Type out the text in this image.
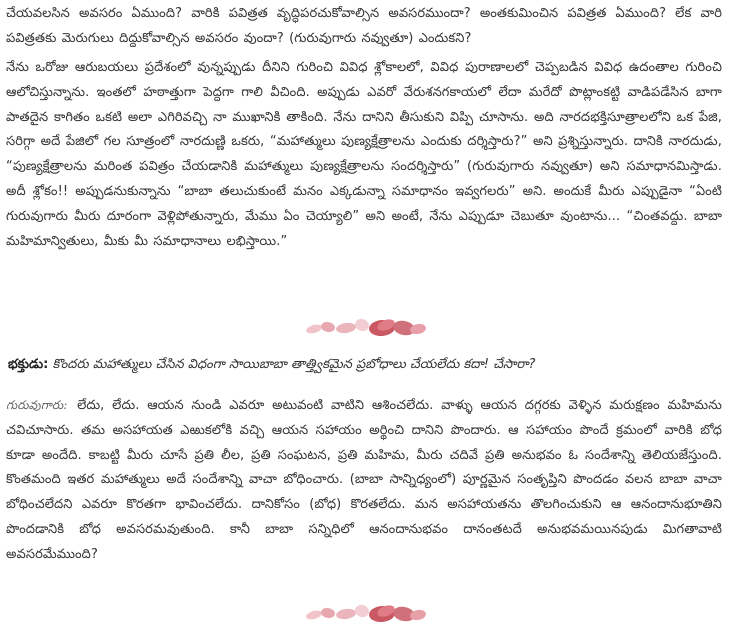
చేయవలసిన అవసరం ఏముంది? వారికి పవిత్రత వృద్ధిపరచుకోవాల్సిన అవసరముందా? అంతకుమించిన పవిత్రత ఏముంది? లేక వారి పవిత్రతకు మెరుగులు దిద్దుకోవాల్సిన అవసరం వుందా? (గురువుగారు నవ్వుతూ) ఎందుకని?

నేను ఒరోజు ఆరుబయలు ప్రదేశంలో వున్నప్పుడు దీనిని గురించి వివిధ శ్లోకాలలో, వివిధ పురాణాలలో చెప్పబడిన వివిధ ఉదంతాల గురించి ఆలోచిస్తున్నాను. ఇంతలో హఠాత్తుగా పెద్దగా గాలి వీచింది. అప్పుడు ఎవరో వేరుశనగకాయలో లేదా మరేదో పొట్లాంకట్టి వాడిపడేసిన బాగా పాతదైన కాగితం ఒకటి అలా ఎగిరివచ్చి నా ముఖానికి తాకింది. నేను దానిని తీసుకుని విప్పి చూసాను. అది నారదభక్తిసూత్రాలలోని ఒక పేజి, సరిగ్గా అదే పేజిలో గల సూత్రంలో నారదుణ్ణి ఒకరు, “మహాత్ములు పుణ్యక్షేత్రాలను ఎందుకు దర్శిస్తారు?” అని ప్రశ్నిస్తున్నారు. దానికి నారదుడు, “పుణ్యక్షేత్రాలను మరింత పవిత్రం చేయడానికి మహాత్ములు పుణ్యక్షేత్రాలను సందర్శిస్తారు” (గురువుగారు నవ్వుతూ) అని సమాధానమిస్తాడు. అదీ శ్లోకం!! అప్పుడనుకున్నాను “బాబా తలుచుకుంటే మనం ఎక్కడున్నా సమాధానం ఇవ్వగలరు” అని. అందుకే మీరు ఎప్పుడైనా “ఏంటి గురువుగారు మీరు దూరంగా వెళ్లిపోతున్నారు, మేము ఏం చెయ్యాలి” అని అంటే, నేను ఎప్పుడూ చెబుతూ వుంటాను... “చింతవద్దు. బాబా మహిమాన్వితులు, మీకు మీ సమాధానాలు లభిస్తాయి.”

భక్తుడు: కొందరు మహాత్ములు చేసిన విధంగా సాయిబాబా తాత్త్వికమైన ప్రబోధాలు చేయలేదు కదా! చేసారా?

గురువుగారు: లేదు, లేదు. ఆయన నుండి ఎవరూ అటువంటి వాటిని ఆశించలేదు. వాళ్ళు ఆయన దగ్గరకు వెళ్ళిన మరుక్షణం మహిమను చవిచూసారు. తమ అసహాయత ఎఱుకలోకి వచ్చి ఆయన సహాయం అర్థించి దానిని పొందారు. ఆ సహాయం పొందే క్రమంలో వారికి బోధ కూడా అందేది. కాబట్టి మీరు చూసే ప్రతి లీల, ప్రతి సంఘటన, ప్రతి మహిమ, మీరు చదివే ప్రతి అనుభవం ఓ సందేశాన్ని తెలియజేస్తుంది. కొంతమంది ఇతర మహాత్ములు అదే సందేశాన్ని వాచా బోధించారు. (బాబా సాన్నిధ్యంలో) పూర్ణమైన సంతృప్తిని పొందడం వలన బాబా వాచా బోధించలేదని ఎవరూ కొరతగా భావించలేదు. దానికోసం (బోధ) కొరతలేదు. మన అసహాయతను తొలగించుకుని ఆ ఆనందానుభూతిని పొందడానికి బోధ అవసరమవుతుంది. కానీ బాబా సన్నిధిలో ఆనందానుభవం దానంతటదే అనుభవమయినపుడు మిగతావాటి అవసరమేముంది?
